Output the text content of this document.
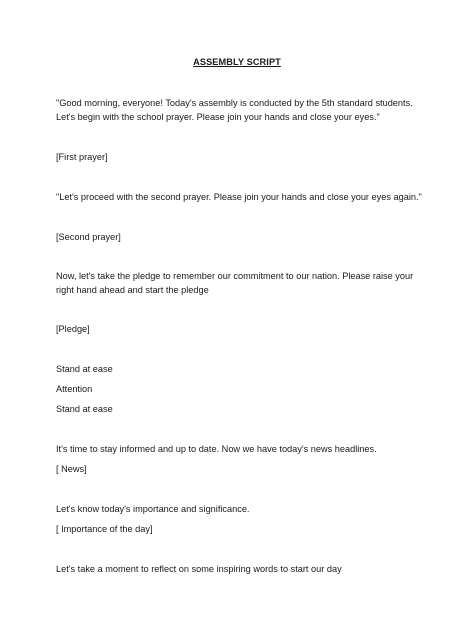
ASSEMBLY SCRIPT
"Good morning, everyone! Today's assembly is conducted by the 5th standard students.
Let's begin with the school prayer. Please join your hands and close your eyes."
[First prayer]
"Let's proceed with the second prayer. Please join your hands and close your eyes again."
[Second prayer]
Now, let's take the pledge to remember our commitment to our nation. Please raise your
right hand ahead and start the pledge
[Pledge]
Stand at ease
Attention
Stand at ease
It's time to stay informed and up to date. Now we have today's news headlines.
[ News]
Let's know today's importance and significance.
[ Importance of the day]
Let's take a moment to reflect on some inspiring words to start our day
